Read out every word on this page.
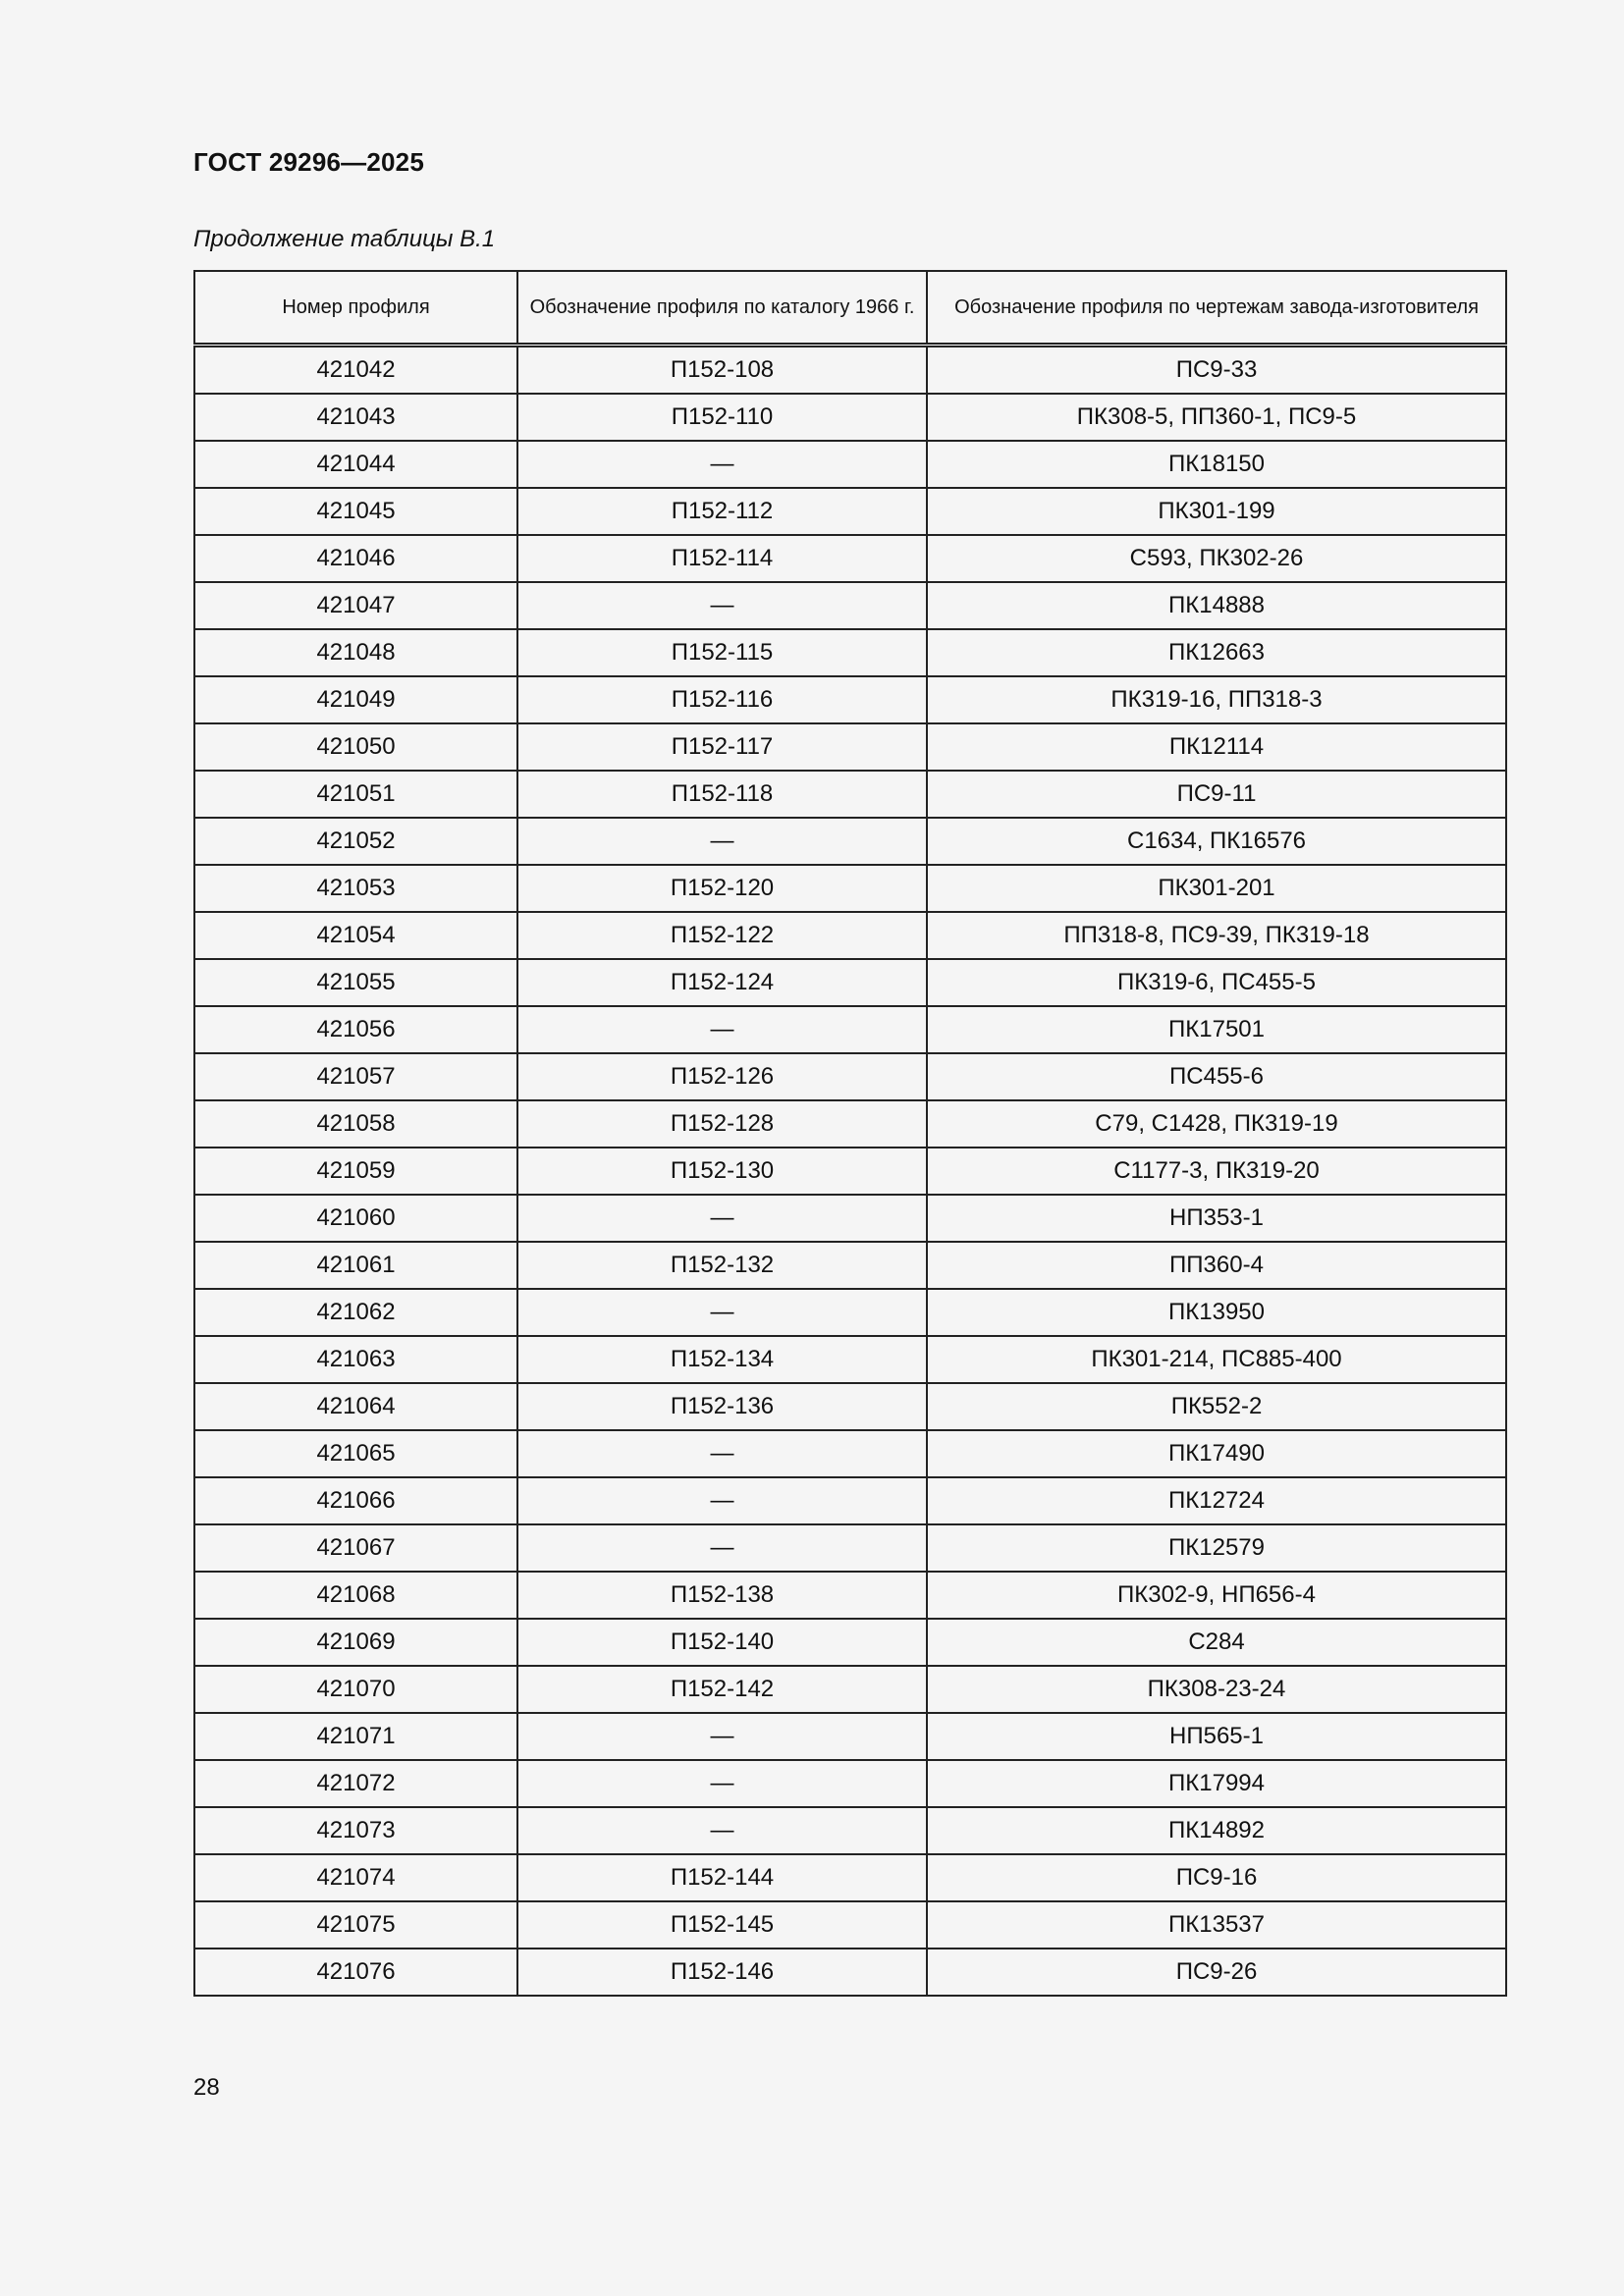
ГОСТ 29296—2025
Продолжение таблицы В.1
Номер профиля	Обозначение профиля по каталогу 1966 г.	Обозначение профиля по чертежам завода-изготовителя
421042	П152-108	ПС9-33
421043	П152-110	ПК308-5, ПП360-1, ПС9-5
421044	—	ПК18150
421045	П152-112	ПК301-199
421046	П152-114	С593, ПК302-26
421047	—	ПК14888
421048	П152-115	ПК12663
421049	П152-116	ПК319-16, ПП318-3
421050	П152-117	ПК12114
421051	П152-118	ПС9-11
421052	—	С1634, ПК16576
421053	П152-120	ПК301-201
421054	П152-122	ПП318-8, ПС9-39, ПК319-18
421055	П152-124	ПК319-6, ПС455-5
421056	—	ПК17501
421057	П152-126	ПС455-6
421058	П152-128	С79, С1428, ПК319-19
421059	П152-130	С1177-3, ПК319-20
421060	—	НП353-1
421061	П152-132	ПП360-4
421062	—	ПК13950
421063	П152-134	ПК301-214, ПС885-400
421064	П152-136	ПК552-2
421065	—	ПК17490
421066	—	ПК12724
421067	—	ПК12579
421068	П152-138	ПК302-9, НП656-4
421069	П152-140	С284
421070	П152-142	ПК308-23-24
421071	—	НП565-1
421072	—	ПК17994
421073	—	ПК14892
421074	П152-144	ПС9-16
421075	П152-145	ПК13537
421076	П152-146	ПС9-26
28
